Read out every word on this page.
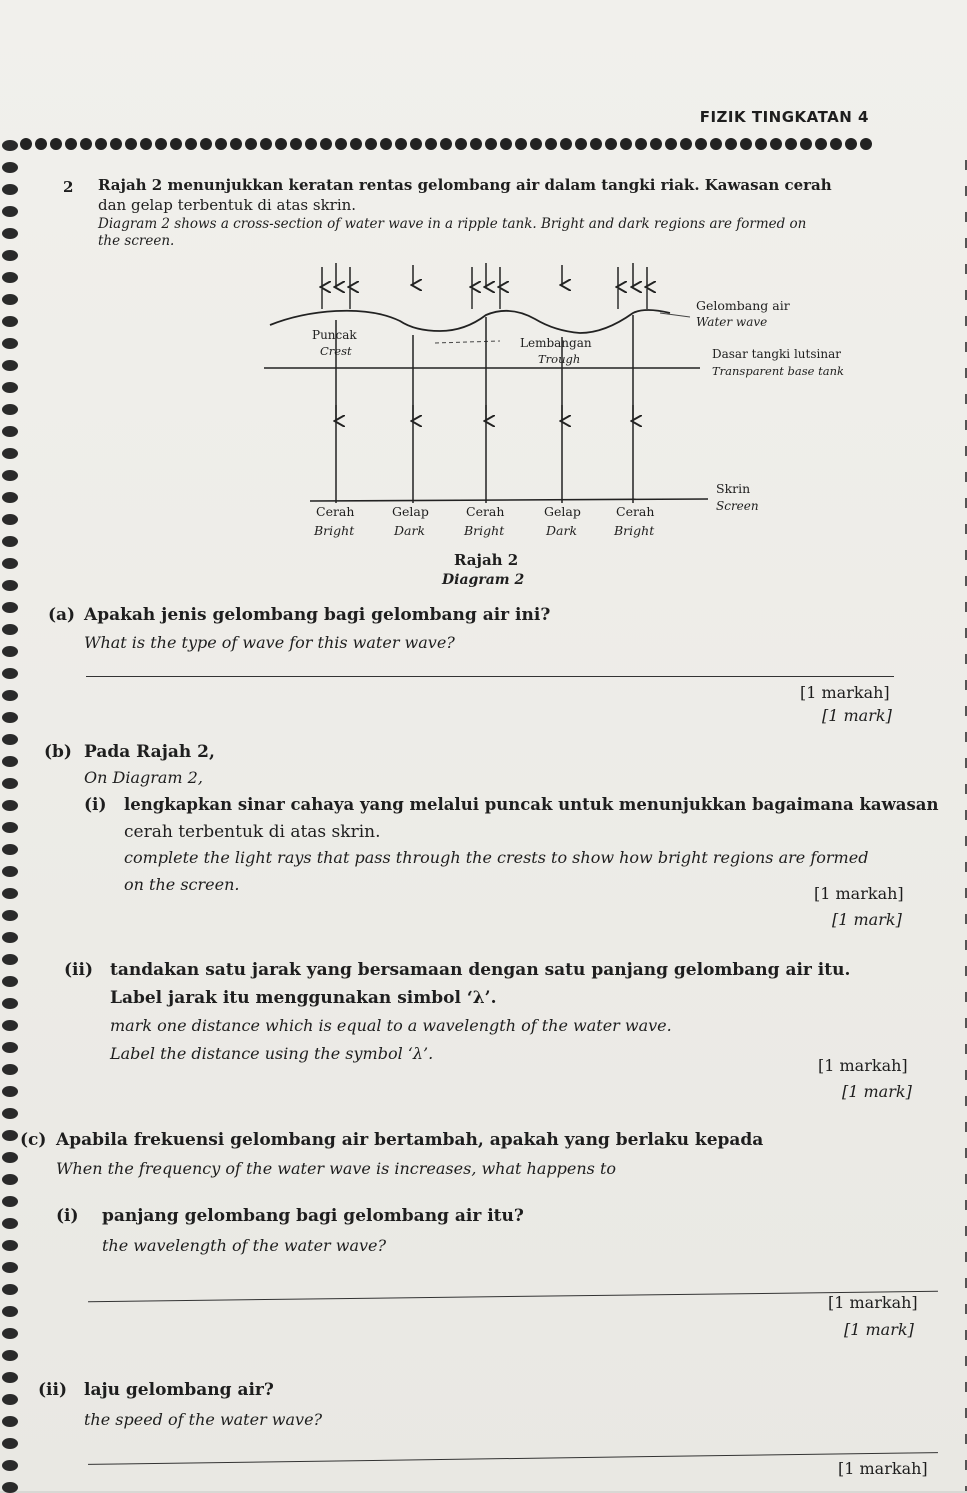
FIZIK TINGKATAN 4
2 Rajah 2 menunjukkan keratan rentas gelombang air dalam tangki riak. Kawasan cerah
dan gelap terbentuk di atas skrin.
Diagram 2 shows a cross-section of water wave in a ripple tank. Bright and dark regions are formed on
the screen.
Gelombang air
Water wave
Puncak
Crest
Lembangan
Trough	Dasar tangki lutsinar
Transparent base tank
Skrin
Screen
Cerah
Bright
Gelap
Dark
Cerah
Bright
Gelap
Dark
Cerah
Bright
Rajah 2
Diagram 2
(a) Apakah jenis gelombang bagi gelombang air ini?
What is the type of wave for this water wave?
[1 markah]
[1 mark]
(b) Pada Rajah 2,
On Diagram 2,
(i) lengkapkan sinar cahaya yang melalui puncak untuk menunjukkan bagaimana kawasan
cerah terbentuk di atas skrin.
complete the light rays that pass through the crests to show how bright regions are formed
on the screen.	[1 markah]
[1 mark]
(ii) tandakan satu jarak yang bersamaan dengan satu panjang gelombang air itu.
Label jarak itu menggunakan simbol ‘λ’.
mark one distance which is equal to a wavelength of the water wave.
Label the distance using the symbol ‘λ’.
[1 markah]
[1 mark]
(c) Apabila frekuensi gelombang air bertambah, apakah yang berlaku kepada
When the frequency of the water wave is increases, what happens to
(i) panjang gelombang bagi gelombang air itu?
the wavelength of the water wave?
[1 markah]
[1 mark]
(ii) laju gelombang air?
the speed of the water wave?
[1 markah]
